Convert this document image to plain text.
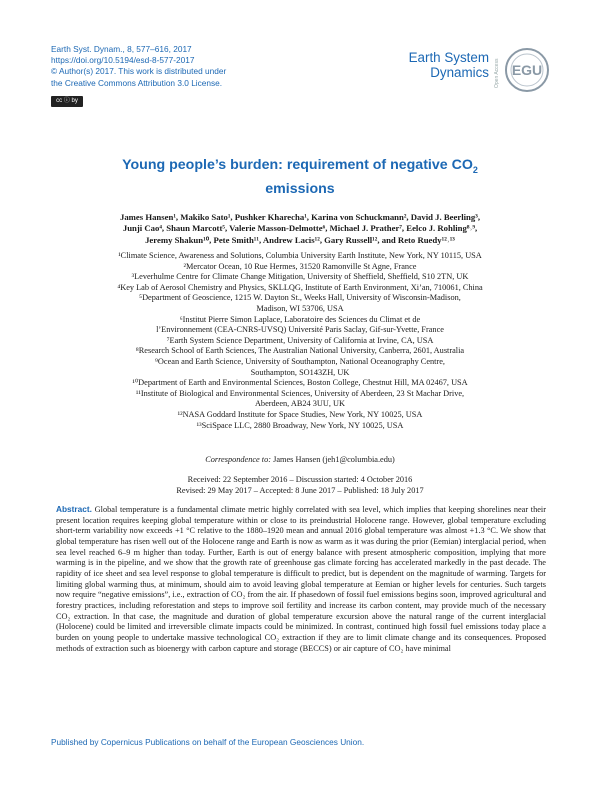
Earth Syst. Dynam., 8, 577–616, 2017
https://doi.org/10.5194/esd-8-577-2017
© Author(s) 2017. This work is distributed under
the Creative Commons Attribution 3.0 License.
cc ⓘ by
Earth System
Dynamics Open Access EGU
Young people’s burden: requirement of negative $CO_2$
emissions
James Hansen¹, Makiko Sato¹, Pushker Kharecha¹, Karina von Schuckmann², David J. Beerling³,
Junji Cao⁴, Shaun Marcott⁵, Valerie Masson-Delmotte⁶, Michael J. Prather⁷, Eelco J. Rohling⁸˒⁹,
Jeremy Shakun¹⁰, Pete Smith¹¹, Andrew Lacis¹², Gary Russell¹², and Reto Ruedy¹²˒¹³
¹Climate Science, Awareness and Solutions, Columbia University Earth Institute, New York, NY 10115, USA
²Mercator Ocean, 10 Rue Hermes, 31520 Ramonville St Agne, France
³Leverhulme Centre for Climate Change Mitigation, University of Sheffield, Sheffield, S10 2TN, UK
⁴Key Lab of Aerosol Chemistry and Physics, SKLLQG, Institute of Earth Environment, Xi’an, 710061, China
⁵Department of Geoscience, 1215 W. Dayton St., Weeks Hall, University of Wisconsin-Madison,
Madison, WI 53706, USA
⁶Institut Pierre Simon Laplace, Laboratoire des Sciences du Climat et de
l’Environnement (CEA-CNRS-UVSQ) Université Paris Saclay, Gif-sur-Yvette, France
⁷Earth System Science Department, University of California at Irvine, CA, USA
⁸Research School of Earth Sciences, The Australian National University, Canberra, 2601, Australia
⁹Ocean and Earth Science, University of Southampton, National Oceanography Centre,
Southampton, SO143ZH, UK
¹⁰Department of Earth and Environmental Sciences, Boston College, Chestnut Hill, MA 02467, USA
¹¹Institute of Biological and Environmental Sciences, University of Aberdeen, 23 St Machar Drive,
Aberdeen, AB24 3UU, UK
¹²NASA Goddard Institute for Space Studies, New York, NY 10025, USA
¹³SciSpace LLC, 2880 Broadway, New York, NY 10025, USA
Correspondence to: James Hansen (jeh1@columbia.edu)
Received: 22 September 2016 – Discussion started: 4 October 2016
Revised: 29 May 2017 – Accepted: 8 June 2017 – Published: 18 July 2017
Abstract. Global temperature is a fundamental climate metric highly correlated with sea level, which implies that keeping shorelines near their present location requires keeping global temperature within or close to its preindustrial Holocene range. However, global temperature excluding short-term variability now exceeds +1 °C relative to the 1880–1920 mean and annual 2016 global temperature was almost +1.3 °C. We show that global temperature has risen well out of the Holocene range and Earth is now as warm as it was during the prior (Eemian) interglacial period, when sea level reached 6–9 m higher than today. Further, Earth is out of energy balance with present atmospheric composition, implying that more warming is in the pipeline, and we show that the growth rate of greenhouse gas climate forcing has accelerated markedly in the past decade. The rapidity of ice sheet and sea level response to global temperature is difficult to predict, but is dependent on the magnitude of warming. Targets for limiting global warming thus, at minimum, should aim to avoid leaving global temperature at Eemian or higher levels for centuries. Such targets now require “negative emissions”, i.e., extraction of CO₂ from the air. If phasedown of fossil fuel emissions begins soon, improved agricultural and forestry practices, including reforestation and steps to improve soil fertility and increase its carbon content, may provide much of the necessary CO₂ extraction. In that case, the magnitude and duration of global temperature excursion above the natural range of the current interglacial (Holocene) could be limited and irreversible climate impacts could be minimized. In contrast, continued high fossil fuel emissions today place a burden on young people to undertake massive technological CO₂ extraction if they are to limit climate change and its consequences. Proposed methods of extraction such as bioenergy with carbon capture and storage (BECCS) or air capture of CO₂ have minimal
Published by Copernicus Publications on behalf of the European Geosciences Union.
